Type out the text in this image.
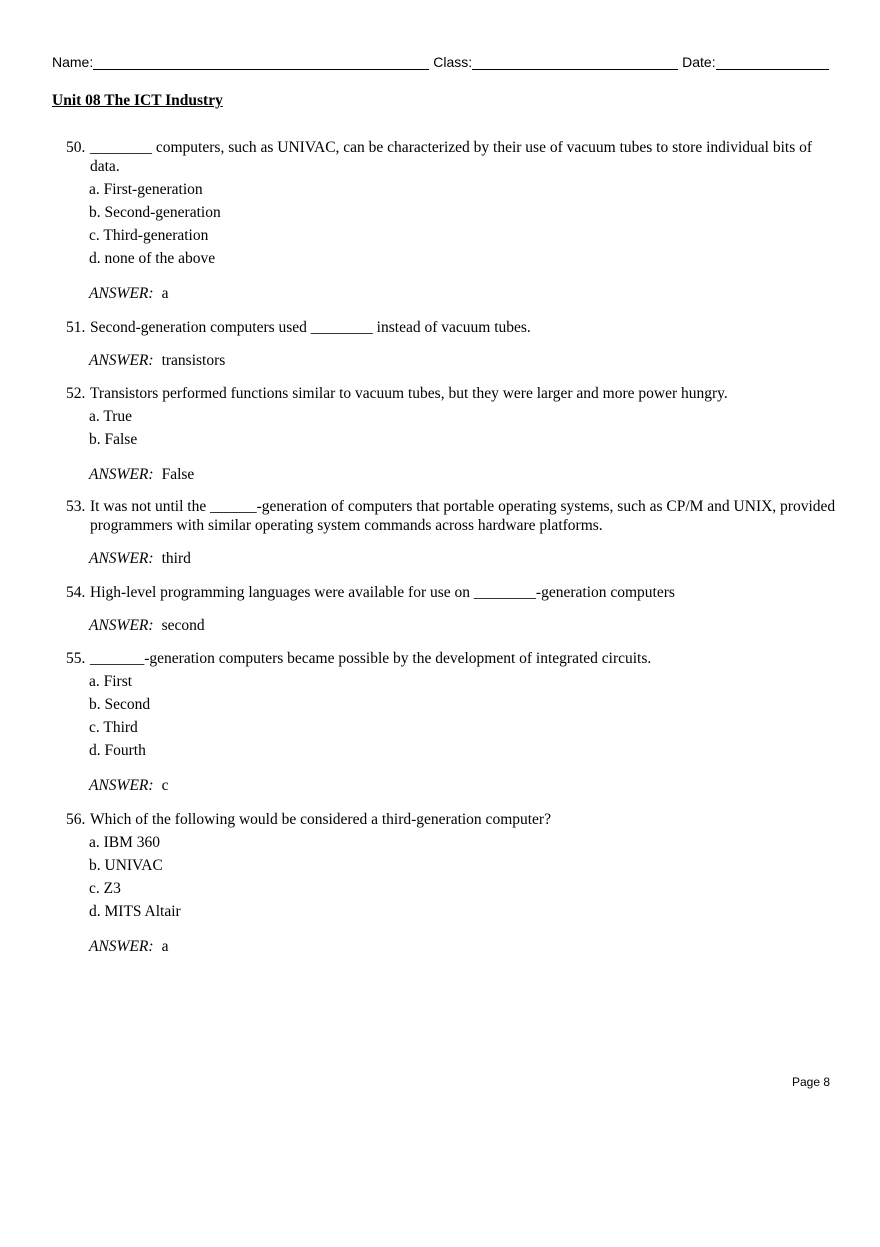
Name:	Class:	Date:
Unit 08 The ICT Industry
50. ________ computers, such as UNIVAC, can be characterized by their use of vacuum tubes to store individual bits of data.
a. First-generation
b. Second-generation
c. Third-generation
d. none of the above
ANSWER: a
51. Second-generation computers used ________ instead of vacuum tubes.
ANSWER: transistors
52. Transistors performed functions similar to vacuum tubes, but they were larger and more power hungry.
a. True
b. False
ANSWER: False
53. It was not until the ______-generation of computers that portable operating systems, such as CP/M and UNIX, provided programmers with similar operating system commands across hardware platforms.
ANSWER: third
54. High-level programming languages were available for use on ________-generation computers
ANSWER: second
55. _______-generation computers became possible by the development of integrated circuits.
a. First
b. Second
c. Third
d. Fourth
ANSWER: c
56. Which of the following would be considered a third-generation computer?
a. IBM 360
b. UNIVAC
c. Z3
d. MITS Altair
ANSWER: a
Page 8
